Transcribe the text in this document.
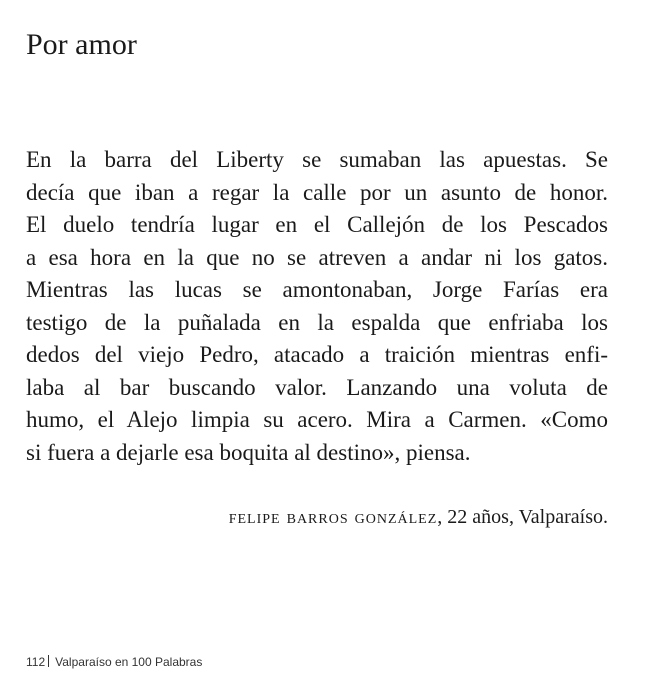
Por amor
En la barra del Liberty se sumaban las apuestas. Se
decía que iban a regar la calle por un asunto de honor.
El duelo tendría lugar en el Callejón de los Pescados
a esa hora en la que no se atreven a andar ni los gatos.
Mientras las lucas se amontonaban, Jorge Farías era
testigo de la puñalada en la espalda que enfriaba los
dedos del viejo Pedro, atacado a traición mientras enfi-
laba al bar buscando valor. Lanzando una voluta de
humo, el Alejo limpia su acero. Mira a Carmen. «Como
si fuera a dejarle esa boquita al destino», piensa.
felipe barros gonzález, 22 años, Valparaíso.
112 Valparaíso en 100 Palabras
